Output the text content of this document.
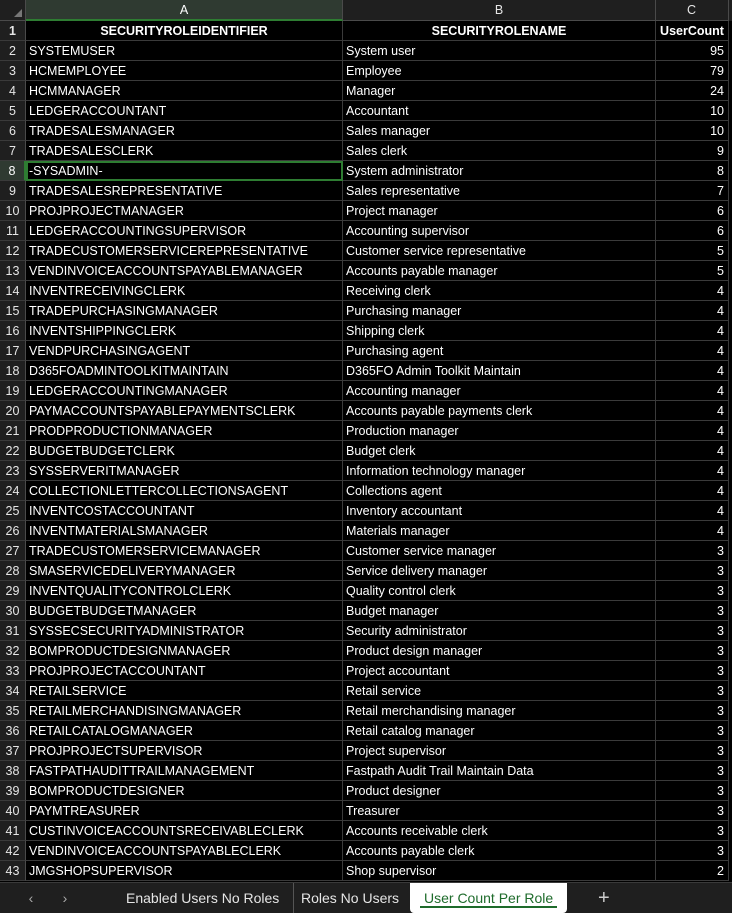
A	B	C
1	SECURITYROLEIDENTIFIER	SECURITYROLENAME	UserCount
2	SYSTEMUSER	System user	95
3	HCMEMPLOYEE	Employee	79
4	HCMMANAGER	Manager	24
5	LEDGERACCOUNTANT	Accountant	10
6	TRADESALESMANAGER	Sales manager	10
7	TRADESALESCLERK	Sales clerk	9
8	-SYSADMIN-	System administrator	8
9	TRADESALESREPRESENTATIVE	Sales representative	7
10 PROJPROJECTMANAGER	Project manager	6
11 LEDGERACCOUNTINGSUPERVISOR	Accounting supervisor	6
12 TRADECUSTOMERSERVICEREPRESENTATIVE	Customer service representative	5
13 VENDINVOICEACCOUNTSPAYABLEMANAGER	Accounts payable manager	5
14 INVENTRECEIVINGCLERK	Receiving clerk	4
15 TRADEPURCHASINGMANAGER	Purchasing manager	4
16 INVENTSHIPPINGCLERK	Shipping clerk	4
17 VENDPURCHASINGAGENT	Purchasing agent	4
18 D365FOADMINTOOLKITMAINTAIN	D365FO Admin Toolkit Maintain	4
19 LEDGERACCOUNTINGMANAGER	Accounting manager	4
20 PAYMACCOUNTSPAYABLEPAYMENTSCLERK	Accounts payable payments clerk	4
21 PRODPRODUCTIONMANAGER	Production manager	4
22 BUDGETBUDGETCLERK	Budget clerk	4
23 SYSSERVERITMANAGER	Information technology manager	4
24 COLLECTIONLETTERCOLLECTIONSAGENT	Collections agent	4
25 INVENTCOSTACCOUNTANT	Inventory accountant	4
26 INVENTMATERIALSMANAGER	Materials manager	4
27 TRADECUSTOMERSERVICEMANAGER	Customer service manager	3
28 SMASERVICEDELIVERYMANAGER	Service delivery manager	3
29 INVENTQUALITYCONTROLCLERK	Quality control clerk	3
30 BUDGETBUDGETMANAGER	Budget manager	3
31 SYSSECSECURITYADMINISTRATOR	Security administrator	3
32 BOMPRODUCTDESIGNMANAGER	Product design manager	3
33 PROJPROJECTACCOUNTANT	Project accountant	3
34 RETAILSERVICE	Retail service	3
35 RETAILMERCHANDISINGMANAGER	Retail merchandising manager	3
36 RETAILCATALOGMANAGER	Retail catalog manager	3
37 PROJPROJECTSUPERVISOR	Project supervisor	3
38 FASTPATHAUDITTRAILMANAGEMENT	Fastpath Audit Trail Maintain Data	3
39 BOMPRODUCTDESIGNER	Product designer	3
40 PAYMTREASURER	Treasurer	3
41 CUSTINVOICEACCOUNTSRECEIVABLECLERK	Accounts receivable clerk	3
42 VENDINVOICEACCOUNTSPAYABLECLERK	Accounts payable clerk	3
43 JMGSHOPSUPERVISOR	Shop supervisor	2
‹	›	Enabled Users No Roles	Roles No Users	User Count Per Role	+
